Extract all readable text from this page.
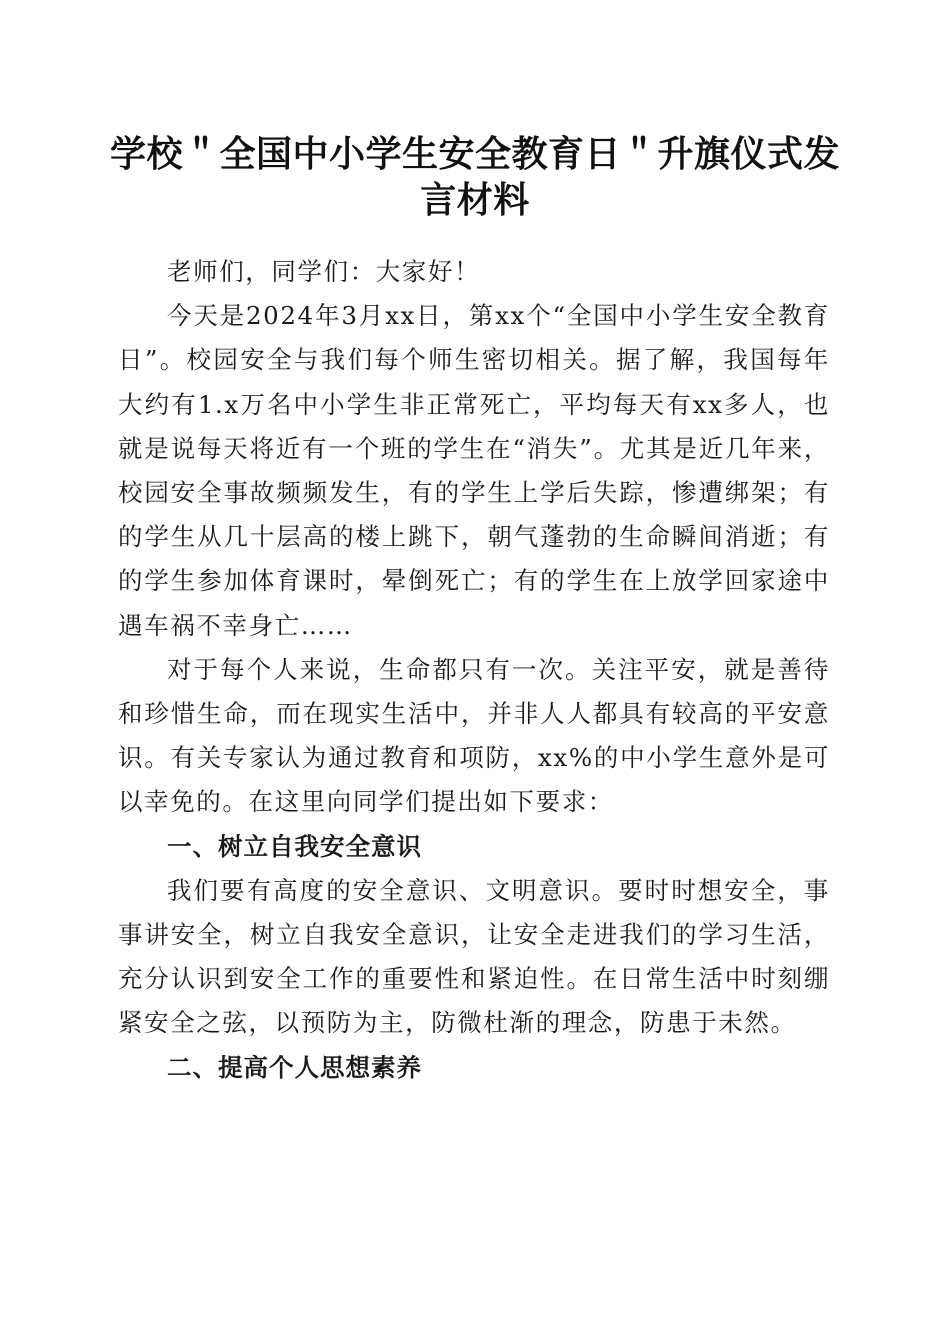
学校＂全国中小学生安全教育日＂升旗仪式发言材料

老师们，同学们：大家好！

今天是2024年3月xx日，第xx个“全国中小学生安全教育日”。校园安全与我们每个师生密切相关。据了解，我国每年大约有1.x万名中小学生非正常死亡，平均每天有xx多人，也就是说每天将近有一个班的学生在“消失”。尤其是近几年来，校园安全事故频频发生，有的学生上学后失踪，惨遭绑架；有的学生从几十层高的楼上跳下，朝气蓬勃的生命瞬间消逝；有的学生参加体育课时，晕倒死亡；有的学生在上放学回家途中遇车祸不幸身亡……

对于每个人来说，生命都只有一次。关注平安，就是善待和珍惜生命，而在现实生活中，并非人人都具有较高的平安意识。有关专家认为通过教育和项防，xx%的中小学生意外是可以幸免的。在这里向同学们提出如下要求：

一、树立自我安全意识

我们要有高度的安全意识、文明意识。要时时想安全，事事讲安全，树立自我安全意识，让安全走进我们的学习生活，充分认识到安全工作的重要性和紧迫性。在日常生活中时刻绷紧安全之弦，以预防为主，防微杜渐的理念，防患于未然。

二、提高个人思想素养
